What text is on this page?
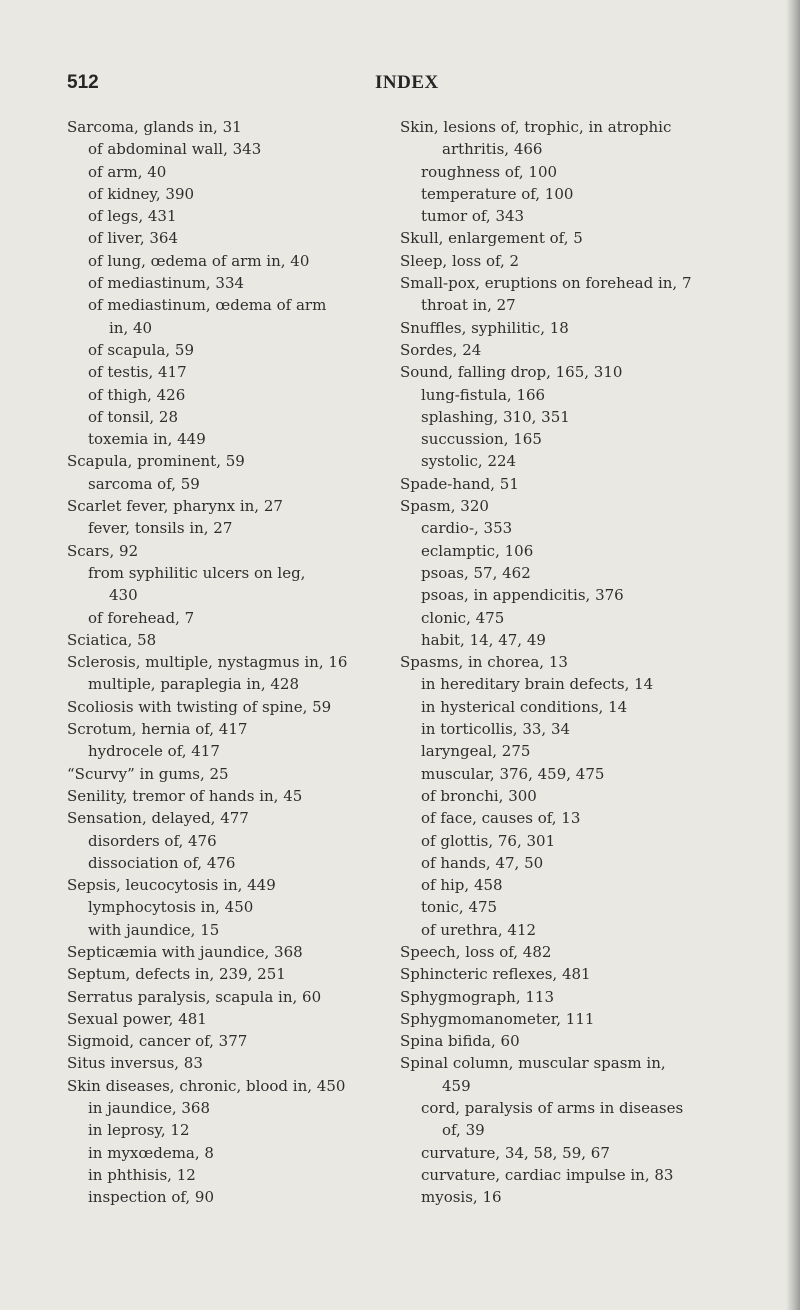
512	INDEX
Sarcoma, glands in, 31
of abdominal wall, 343
of arm, 40
of kidney, 390
of legs, 431
of liver, 364
of lung, œdema of arm in, 40
of mediastinum, 334
of mediastinum, œdema of arm
in, 40
of scapula, 59
of testis, 417
of thigh, 426
of tonsil, 28
toxemia in, 449
Scapula, prominent, 59
sarcoma of, 59
Scarlet fever, pharynx in, 27
fever, tonsils in, 27
Scars, 92
from syphilitic ulcers on leg,
430
of forehead, 7
Sciatica, 58
Sclerosis, multiple, nystagmus in, 16
multiple, paraplegia in, 428
Scoliosis with twisting of spine, 59
Scrotum, hernia of, 417
hydrocele of, 417
“Scurvy” in gums, 25
Senility, tremor of hands in, 45
Sensation, delayed, 477
disorders of, 476
dissociation of, 476
Sepsis, leucocytosis in, 449
lymphocytosis in, 450
with jaundice, 15
Septicæmia with jaundice, 368
Septum, defects in, 239, 251
Serratus paralysis, scapula in, 60
Sexual power, 481
Sigmoid, cancer of, 377
Situs inversus, 83
Skin diseases, chronic, blood in, 450
in jaundice, 368
in leprosy, 12
in myxœdema, 8
in phthisis, 12
inspection of, 90
Skin, lesions of, trophic, in atrophic
arthritis, 466
roughness of, 100
temperature of, 100
tumor of, 343
Skull, enlargement of, 5
Sleep, loss of, 2
Small-pox, eruptions on forehead in, 7
throat in, 27
Snuffles, syphilitic, 18
Sordes, 24
Sound, falling drop, 165, 310
lung-fistula, 166
splashing, 310, 351
succussion, 165
systolic, 224
Spade-hand, 51
Spasm, 320
cardio-, 353
eclamptic, 106
psoas, 57, 462
psoas, in appendicitis, 376
clonic, 475
habit, 14, 47, 49
Spasms, in chorea, 13
in hereditary brain defects, 14
in hysterical conditions, 14
in torticollis, 33, 34
laryngeal, 275
muscular, 376, 459, 475
of bronchi, 300
of face, causes of, 13
of glottis, 76, 301
of hands, 47, 50
of hip, 458
tonic, 475
of urethra, 412
Speech, loss of, 482
Sphincteric reflexes, 481
Sphygmograph, 113
Sphygmomanometer, 111
Spina bifida, 60
Spinal column, muscular spasm in,
459
cord, paralysis of arms in diseases
of, 39
curvature, 34, 58, 59, 67
curvature, cardiac impulse in, 83
myosis, 16
